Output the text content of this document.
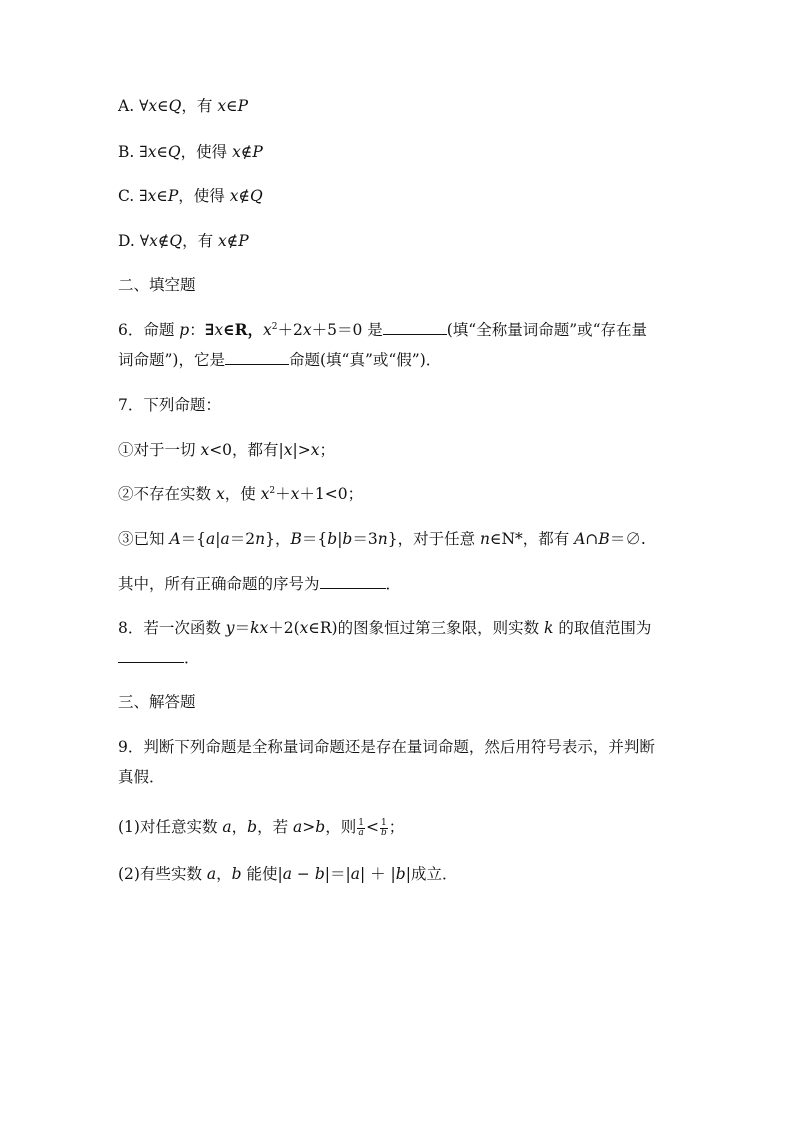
A. ∀x∈Q，有 x∈P
B. ∃x∈Q，使得 x∉P
C. ∃x∈P，使得 x∉Q
D. ∀x∉Q，有 x∉P
二、填空题
6．命题 p：∃x∈R，$x^2+2x+5=0$ 是	(填“全称量词命题”或“存在量
词命题”)，它是	命题(填“真”或“假”)．
7．下列命题：
①对于一切 x<0，都有|x|>x；
②不存在实数 x，使 $x^2+x+1<0$；
③已知 A＝{a|a＝2n}，B＝{b|b＝3n}，对于任意 n∈N*，都有 A∩B＝∅.
其中，所有正确命题的序号为	．
8．若一次函数 y＝kx＋2(x∈R)的图象恒过第三象限，则实数 k 的取值范围为
．
三、解答题
9．判断下列命题是全称量词命题还是存在量词命题，然后用符号表示，并判断
真假．
(1)对任意实数 a，b，若 a>b，则 $\frac{1}{a} < \frac{1}{b}$ ；
(2)有些实数 a，b 能使|a − b|＝|a| ＋ |b|成立．
